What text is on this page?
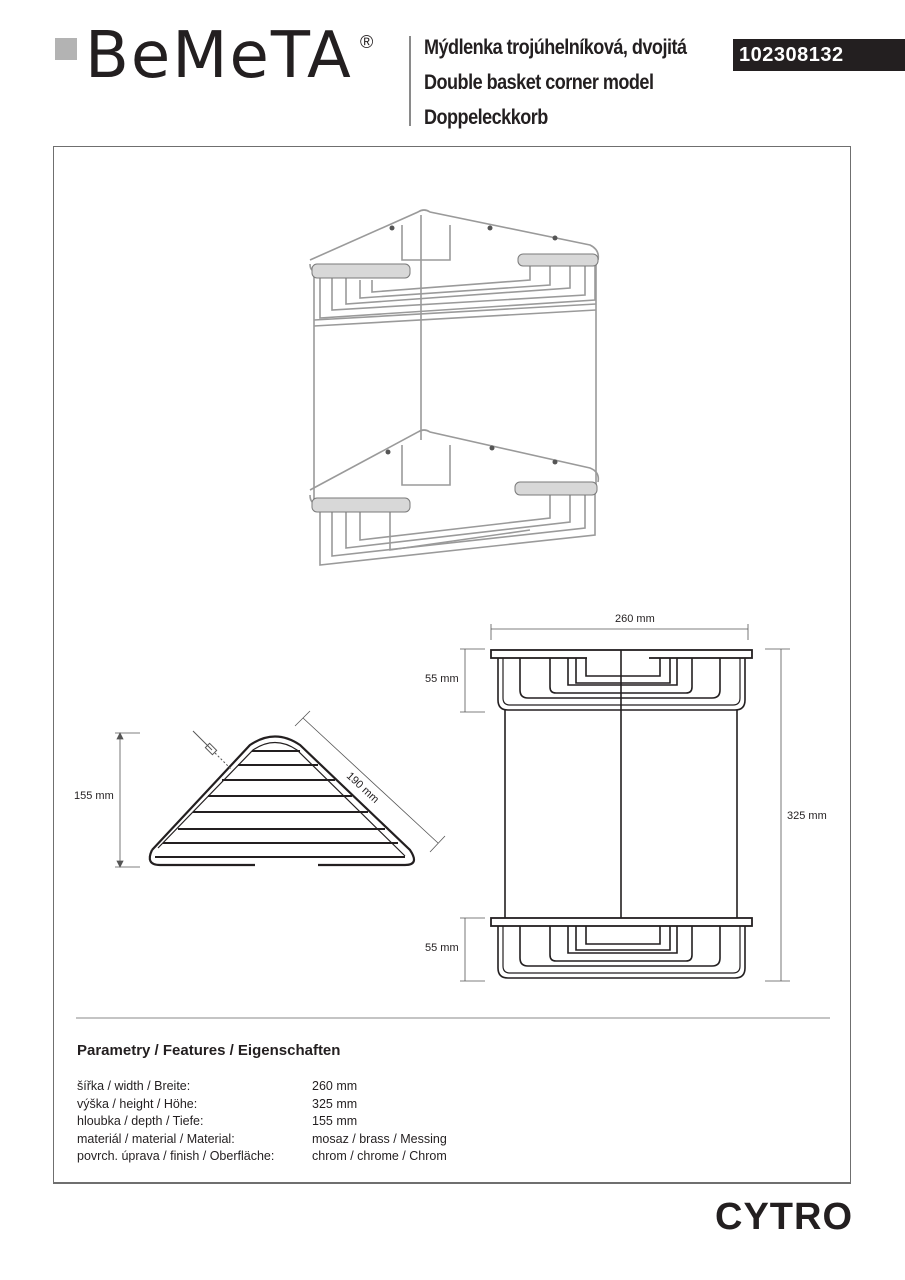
BeMeTA ® Mýdlenka trojúhelníková, dvojitá
Double basket corner model
Doppeleckkorb
102308132
155 mm	190 mm
260 mm
55 mm
55 mm
325 mm
Parametry / Features / Eigenschaften
šířka / width / Breite:	260 mm
výška / height / Höhe:	325 mm
hloubka / depth / Tiefe:	155 mm
materiál / material / Material:	mosaz / brass / Messing
povrch. úprava / finish / Oberfläche:	chrom / chrome / Chrom
CYTRO
